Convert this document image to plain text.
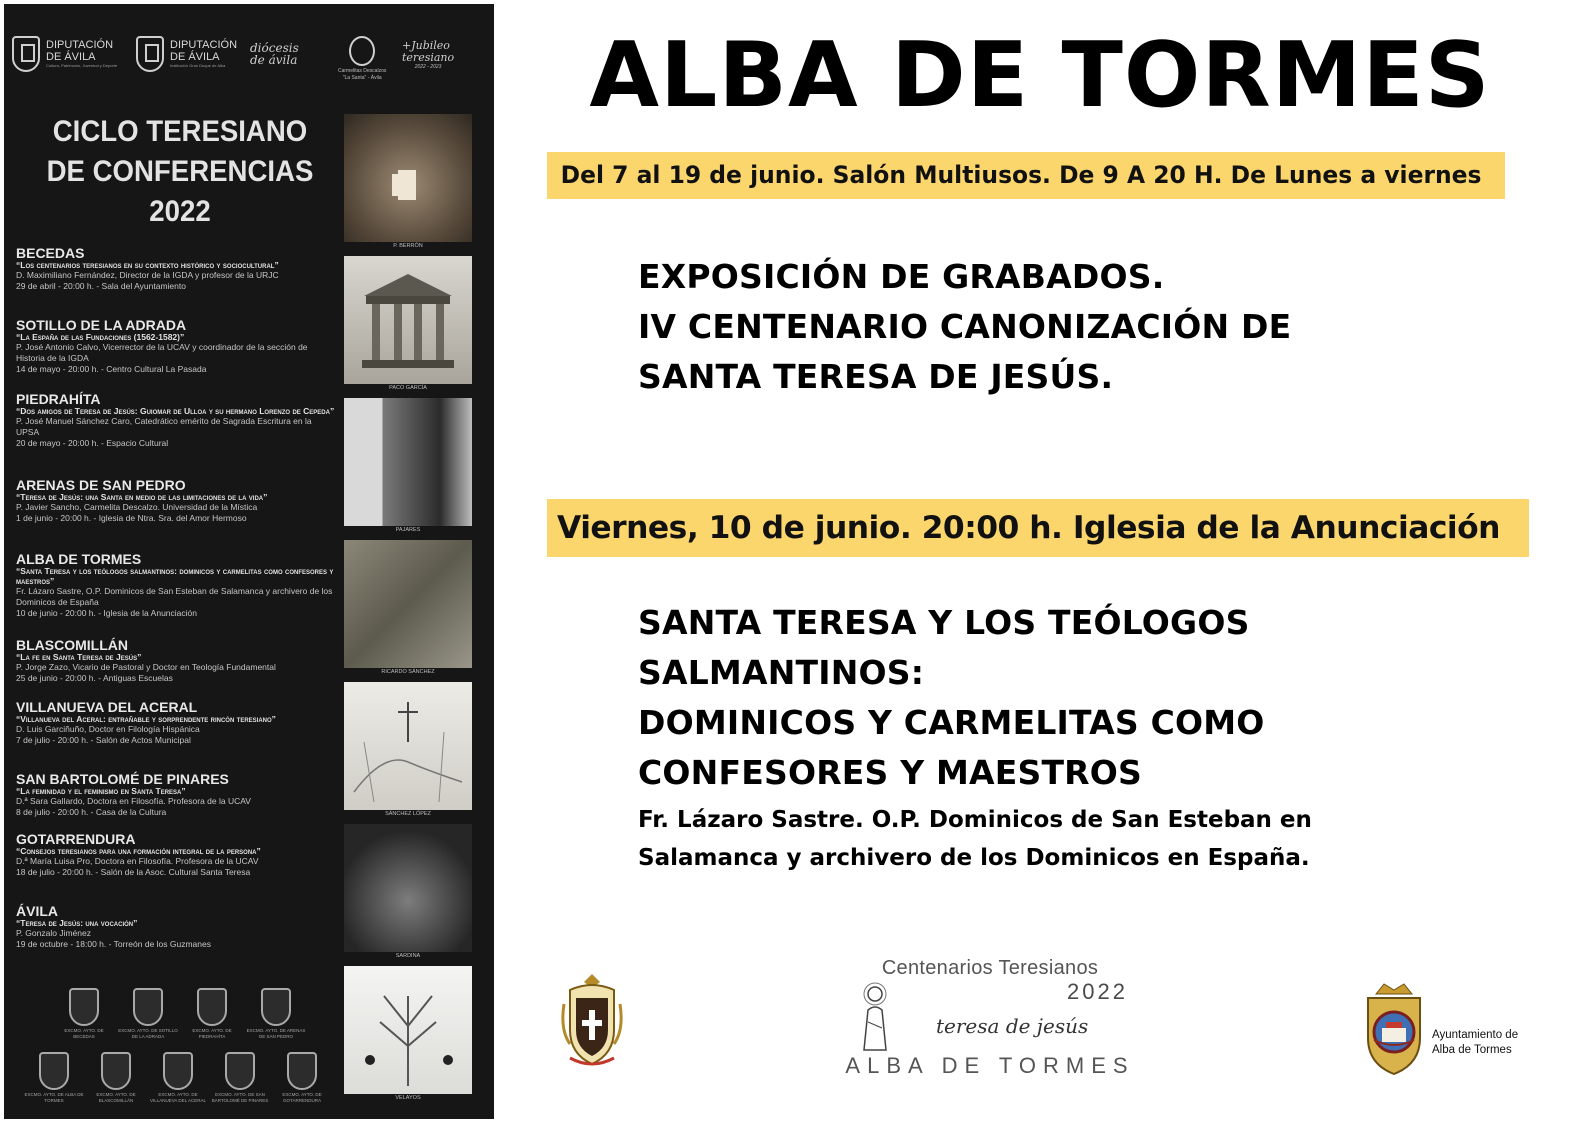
DIPUTACIÓN
DE ÁVILA
Cultura, Patrimonio, Juventud y Deporte
DIPUTACIÓN
DE ÁVILA
Institución Gran Duque de Alba
diócesis
de ávila
Carmelitas Descalzos
"La Santa" - Ávila
+Jubileo
teresiano
2022 - 2023
CICLO TERESIANO
DE CONFERENCIAS
2022
BECEDAS
“Los centenarios teresianos en su contexto histórico y sociocultural”
D. Maximiliano Fernández, Director de la IGDA y profesor de la URJC
29 de abril - 20:00 h. - Sala del Ayuntamiento
SOTILLO DE LA ADRADA
“La España de las Fundaciones (1562-1582)”
P. José Antonio Calvo, Vicerrector de la UCAV y coordinador de la sección de Historia de la IGDA
14 de mayo - 20:00 h. - Centro Cultural La Pasada
PIEDRAHÍTA
“Dos amigos de Teresa de Jesús: Guiomar de Ulloa y su hermano Lorenzo de Cepeda”
P. José Manuel Sánchez Caro, Catedrático emérito de Sagrada Escritura en la UPSA
20 de mayo - 20:00 h. - Espacio Cultural
ARENAS DE SAN PEDRO
“Teresa de Jesús: una Santa en medio de las limitaciones de la vida”
P. Javier Sancho, Carmelita Descalzo. Universidad de la Mística
1 de junio - 20:00 h. - Iglesia de Ntra. Sra. del Amor Hermoso
ALBA DE TORMES
“Santa Teresa y los teólogos salmantinos: dominicos y carmelitas como confesores y maestros”
Fr. Lázaro Sastre, O.P. Dominicos de San Esteban de Salamanca y archivero de los Dominicos de España
10 de junio - 20:00 h. - Iglesia de la Anunciación
BLASCOMILLÁN
“La fe en Santa Teresa de Jesús”
P. Jorge Zazo, Vicario de Pastoral y Doctor en Teología Fundamental
25 de junio - 20:00 h. - Antiguas Escuelas
VILLANUEVA DEL ACERAL
“Villanueva del Aceral: entrañable y sorprendente rincón teresiano”
D. Luis Garciñuño, Doctor en Filología Hispánica
7 de julio - 20:00 h. - Salón de Actos Municipal
SAN BARTOLOMÉ DE PINARES
“La feminidad y el feminismo en Santa Teresa”
D.ª Sara Gallardo, Doctora en Filosofía. Profesora de la UCAV
8 de julio - 20:00 h. - Casa de la Cultura
GOTARRENDURA
“Consejos teresianos para una formación integral de la persona”
D.ª María Luisa Pro, Doctora en Filosofía. Profesora de la UCAV
18 de julio - 20:00 h. - Salón de la Asoc. Cultural Santa Teresa
ÁVILA
“Teresa de Jesús: una vocación”
P. Gonzalo Jiménez
19 de octubre - 18:00 h. - Torreón de los Guzmanes
P. BERRÓN
PACO GARCÍA
PAJARES
RICARDO SÁNCHEZ
SÁNCHEZ LÓPEZ
SARDINA
VELAYOS
EXCMO. AYTO. DE BECEDAS
EXCMO. AYTO. DE SOTILLO DE LA ADRADA
EXCMO. AYTO. DE PIEDRAHÍTA
EXCMO. AYTO. DE ARENAS DE SAN PEDRO
EXCMO. AYTO. DE ALBA DE TORMES
EXCMO. AYTO. DE BLASCOMILLÁN
EXCMO. AYTO. DE VILLANUEVA DEL ACERAL
EXCMO. AYTO. DE SAN BARTOLOMÉ DE PINARES
EXCMO. AYTO. DE GOTARRENDURA
ALBA DE TORMES
Del 7 al 19 de junio. Salón Multiusos. De 9 A 20 H. De Lunes a viernes
EXPOSICIÓN DE GRABADOS.
IV CENTENARIO CANONIZACIÓN DE
SANTA TERESA DE JESÚS.
Viernes, 10 de junio. 20:00 h. Iglesia de la Anunciación
SANTA TERESA Y LOS TEÓLOGOS
SALMANTINOS:
DOMINICOS Y CARMELITAS COMO
CONFESORES Y MAESTROS
Fr. Lázaro Sastre. O.P. Dominicos de San Esteban en
Salamanca y archivero de los Dominicos en España.
Centenarios Teresianos
2022
teresa de jesús
ALBA DE TORMES
Ayuntamiento de
Alba de Tormes
